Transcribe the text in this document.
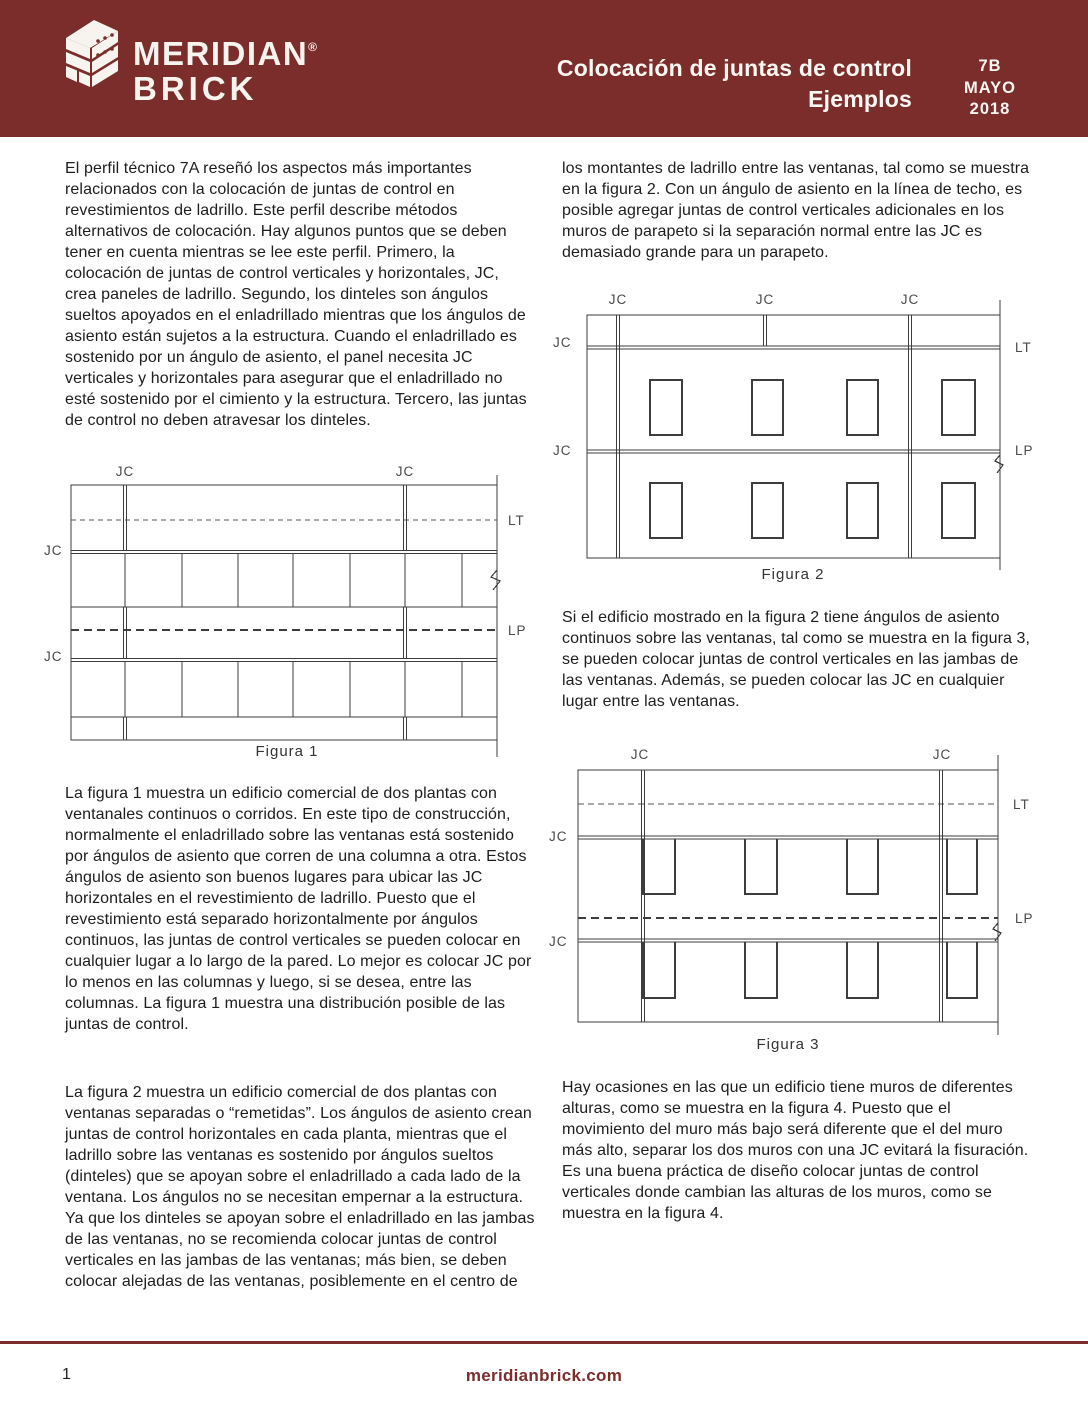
MERIDIAN®
BRICK
Colocación de juntas de control
Ejemplos
7B
MAYO
2018

El perfil técnico 7A reseñó los aspectos más importantes relacionados con la colocación de juntas de control en revestimientos de ladrillo. Este perfil describe métodos alternativos de colocación. Hay algunos puntos que se deben tener en cuenta mientras se lee este perfil. Primero, la colocación de juntas de control verticales y horizontales, JC, crea paneles de ladrillo. Segundo, los dinteles son ángulos sueltos apoyados en el enladrillado mientras que los ángulos de asiento están sujetos a la estructura. Cuando el enladrillado es sostenido por un ángulo de asiento, el panel necesita JC verticales y horizontales para asegurar que el enladrillado no esté sostenido por el cimiento y la estructura. Tercero, las juntas de control no deben atravesar los dinteles.

La figura 1 muestra un edificio comercial de dos plantas con ventanales continuos o corridos. En este tipo de construcción, normalmente el enladrillado sobre las ventanas está sostenido por ángulos de asiento que corren de una columna a otra. Estos ángulos de asiento son buenos lugares para ubicar las JC horizontales en el revestimiento de ladrillo. Puesto que el revestimiento está separado horizontalmente por ángulos continuos, las juntas de control verticales se pueden colocar en cualquier lugar a lo largo de la pared. Lo mejor es colocar JC por lo menos en las columnas y luego, si se desea, entre las columnas. La figura 1 muestra una distribución posible de las juntas de control.

La figura 2 muestra un edificio comercial de dos plantas con ventanas separadas o “remetidas”. Los ángulos de asiento crean juntas de control horizontales en cada planta, mientras que el ladrillo sobre las ventanas es sostenido por ángulos sueltos (dinteles) que se apoyan sobre el enladrillado a cada lado de la ventana. Los ángulos no se necesitan empernar a la estructura. Ya que los dinteles se apoyan sobre el enladrillado en las jambas de las ventanas, no se recomienda colocar juntas de control verticales en las jambas de las ventanas; más bien, se deben colocar alejadas de las ventanas, posiblemente en el centro de

los montantes de ladrillo entre las ventanas, tal como se muestra en la figura 2. Con un ángulo de asiento en la línea de techo, es posible agregar juntas de control verticales adicionales en los muros de parapeto si la separación normal entre las JC es demasiado grande para un parapeto.

Si el edificio mostrado en la figura 2 tiene ángulos de asiento continuos sobre las ventanas, tal como se muestra en la figura 3, se pueden colocar juntas de control verticales en las jambas de las ventanas. Además, se pueden colocar las JC en cualquier lugar entre las ventanas.

Hay ocasiones en las que un edificio tiene muros de diferentes alturas, como se muestra en la figura 4. Puesto que el movimiento del muro más bajo será diferente que el del muro más alto, separar los dos muros con una JC evitará la fisuración. Es una buena práctica de diseño colocar juntas de control verticales donde cambian las alturas de los muros, como se muestra en la figura 4.

JC	JC
JC
JC
LT
LP
Figura 1
JC	JC	JC
JC
JC
LT
LP
Figura 2
JC	JC
JC
JC
LT
LP
Figura 3
1	meridianbrick.com
